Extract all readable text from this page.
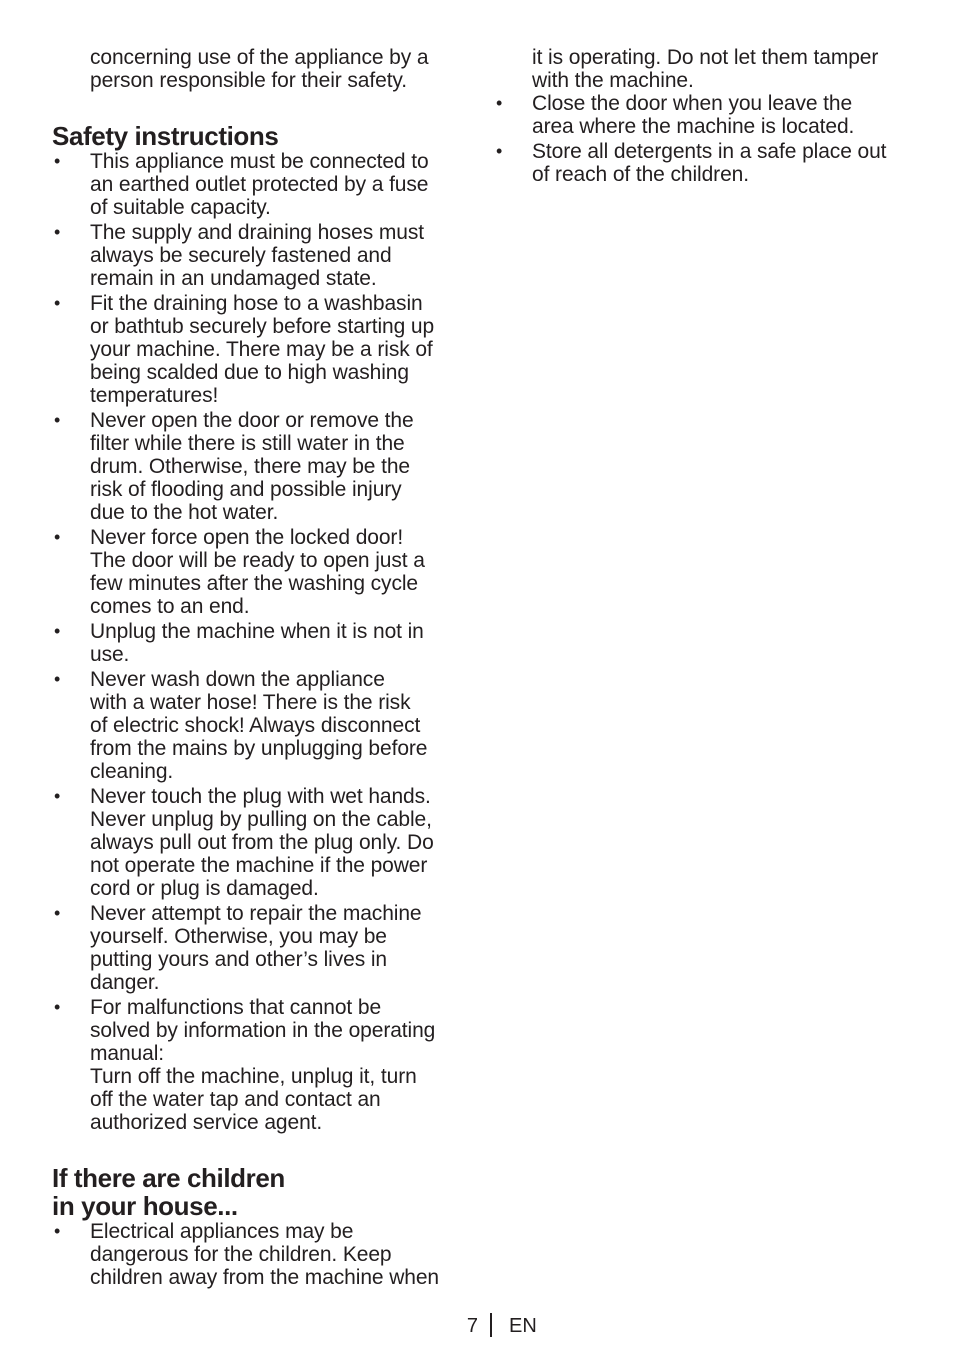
concerning use of the appliance by a
person responsible for their safety.

Safety instructions
• This appliance must be connected to
an earthed outlet protected by a fuse
of suitable capacity.
• The supply and draining hoses must
always be securely fastened and
remain in an undamaged state.
• Fit the draining hose to a washbasin
or bathtub securely before starting up
your machine. There may be a risk of
being scalded due to high washing
temperatures!
• Never open the door or remove the
filter while there is still water in the
drum. Otherwise, there may be the
risk of flooding and possible injury
due to the hot water.
• Never force open the locked door!
The door will be ready to open just a
few minutes after the washing cycle
comes to an end.
• Unplug the machine when it is not in
use.
• Never wash down the appliance
with a water hose! There is the risk
of electric shock! Always disconnect
from the mains by unplugging before
cleaning.
• Never touch the plug with wet hands.
Never unplug by pulling on the cable,
always pull out from the plug only. Do
not operate the machine if the power
cord or plug is damaged.
• Never attempt to repair the machine
yourself. Otherwise, you may be
putting yours and other’s lives in
danger.
• For malfunctions that cannot be
solved by information in the operating
manual:
Turn off the machine, unplug it, turn
off the water tap and contact an
authorized service agent.
If there are children
in your house...
• Electrical appliances may be
dangerous for the children. Keep
children away from the machine when

it is operating. Do not let them tamper
with the machine.

• Close the door when you leave the
area where the machine is located.
• Store all detergents in a safe place out
of reach of the children.
7 EN
